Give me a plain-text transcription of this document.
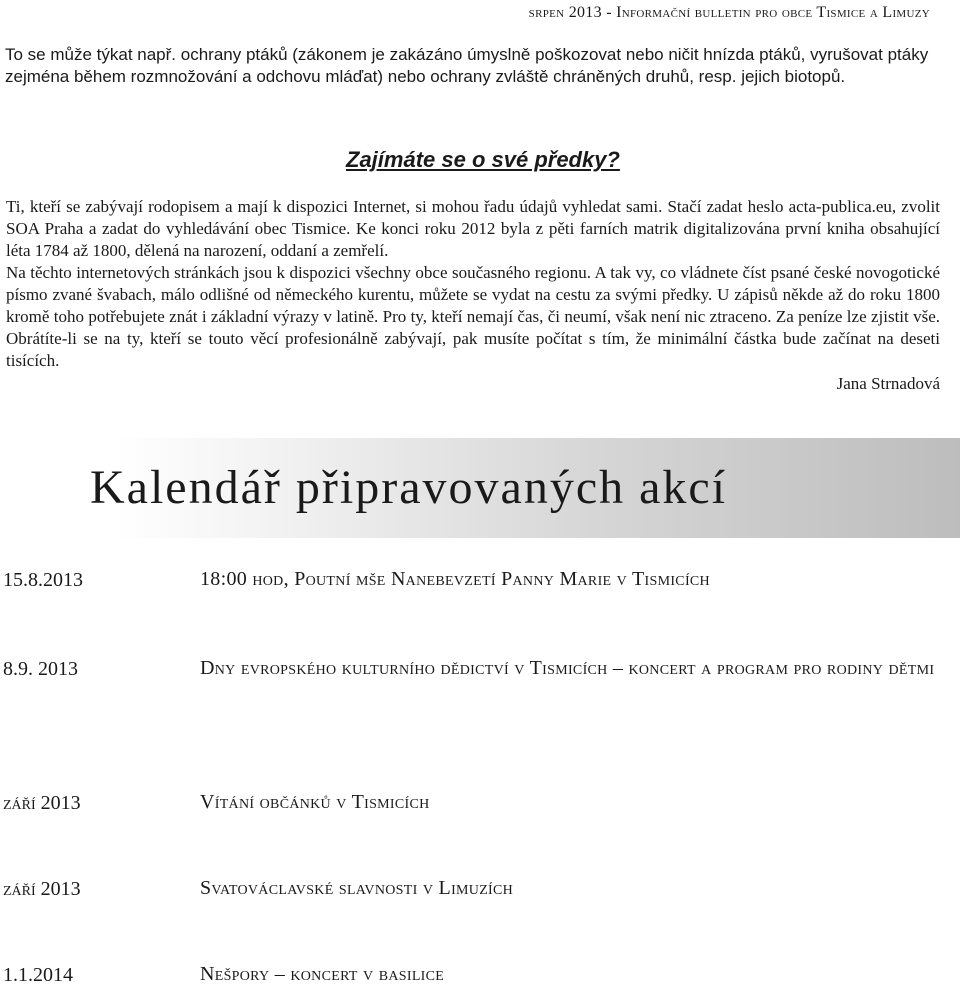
srpen 2013 - Informační bulletin pro obce Tismice a Limuzy

To se může týkat např. ochrany ptáků (zákonem je zakázáno úmyslně poškozovat nebo ničit hnízda ptáků, vyrušovat ptáky zejména během rozmnožování a odchovu mláďat) nebo ochrany zvláště chráněných druhů, resp. jejich biotopů.

Zajímáte se o své předky?
Ti, kteří se zabývají rodopisem a mají k dispozici Internet, si mohou řadu údajů vyhledat sami. Stačí zadat heslo acta-publica.eu, zvolit SOA Praha a zadat do vyhledávání obec Tismice. Ke konci roku 2012 byla z pěti farních matrik digitalizována první kniha obsahující léta 1784 až 1800, dělená na narození, oddaní a zemřelí.
Na těchto internetových stránkách jsou k dispozici všechny obce současného regionu. A tak vy, co vládnete číst psané české novogotické písmo zvané švabach, málo odlišné od německého kurentu, můžete se vydat na cestu za svými předky. U zápisů někde až do roku 1800 kromě toho potřebujete znát i základní výrazy v latině. Pro ty, kteří nemají čas, či neumí, však není nic ztraceno. Za peníze lze zjistit vše. Obrátíte-li se na ty, kteří se touto věcí profesionálně zabývají, pak musíte počítat s tím, že minimální částka bude začínat na deseti tisících.
Jana Strnadová
Kalendář připravovaných akcí
15.8.2013	18:00 hod, Poutní mše Nanebevzetí Panny Marie v Tismicích
8.9. 2013	Dny evropského kulturního dědictví v Tismicích – koncert a program pro rodiny dětmi
září 2013	Vítání občánků v Tismicích
září 2013	Svatováclavské slavnosti v Limuzích
1.1.2014	Nešpory – koncert v basilice
